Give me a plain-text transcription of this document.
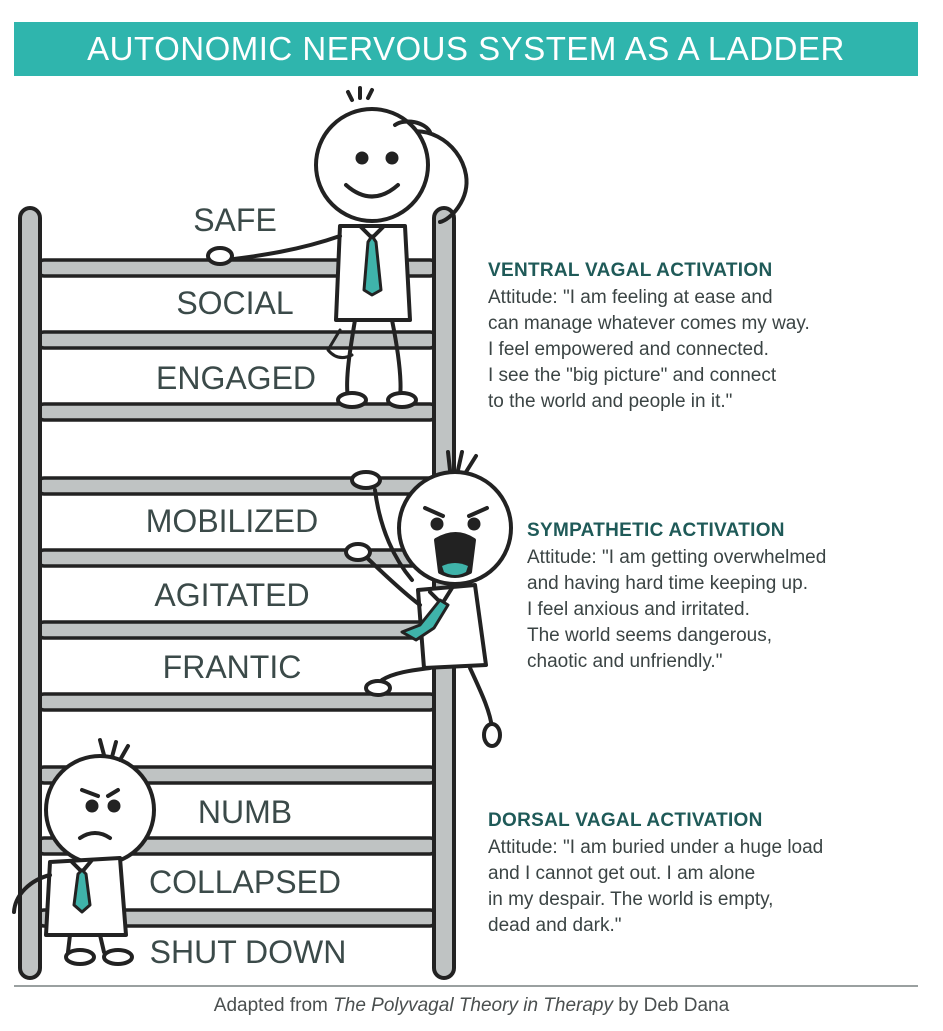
AUTONOMIC NERVOUS SYSTEM AS A LADDER
SAFE
SOCIAL
ENGAGED
MOBILIZED
AGITATED
FRANTIC
NUMB
COLLAPSED
SHUT DOWN
VENTRAL VAGAL ACTIVATION
Attitude: "I am feeling at ease and
can manage whatever comes my way.
I feel empowered and connected.
I see the "big picture" and connect
to the world and people in it."
SYMPATHETIC ACTIVATION
Attitude: "I am getting overwhelmed
and having hard time keeping up.
I feel anxious and irritated.
The world seems dangerous,
chaotic and unfriendly."
DORSAL VAGAL ACTIVATION
Attitude: "I am buried under a huge load
and I cannot get out. I am alone
in my despair. The world is empty,
dead and dark."
Adapted from The Polyvagal Theory in Therapy by Deb Dana
